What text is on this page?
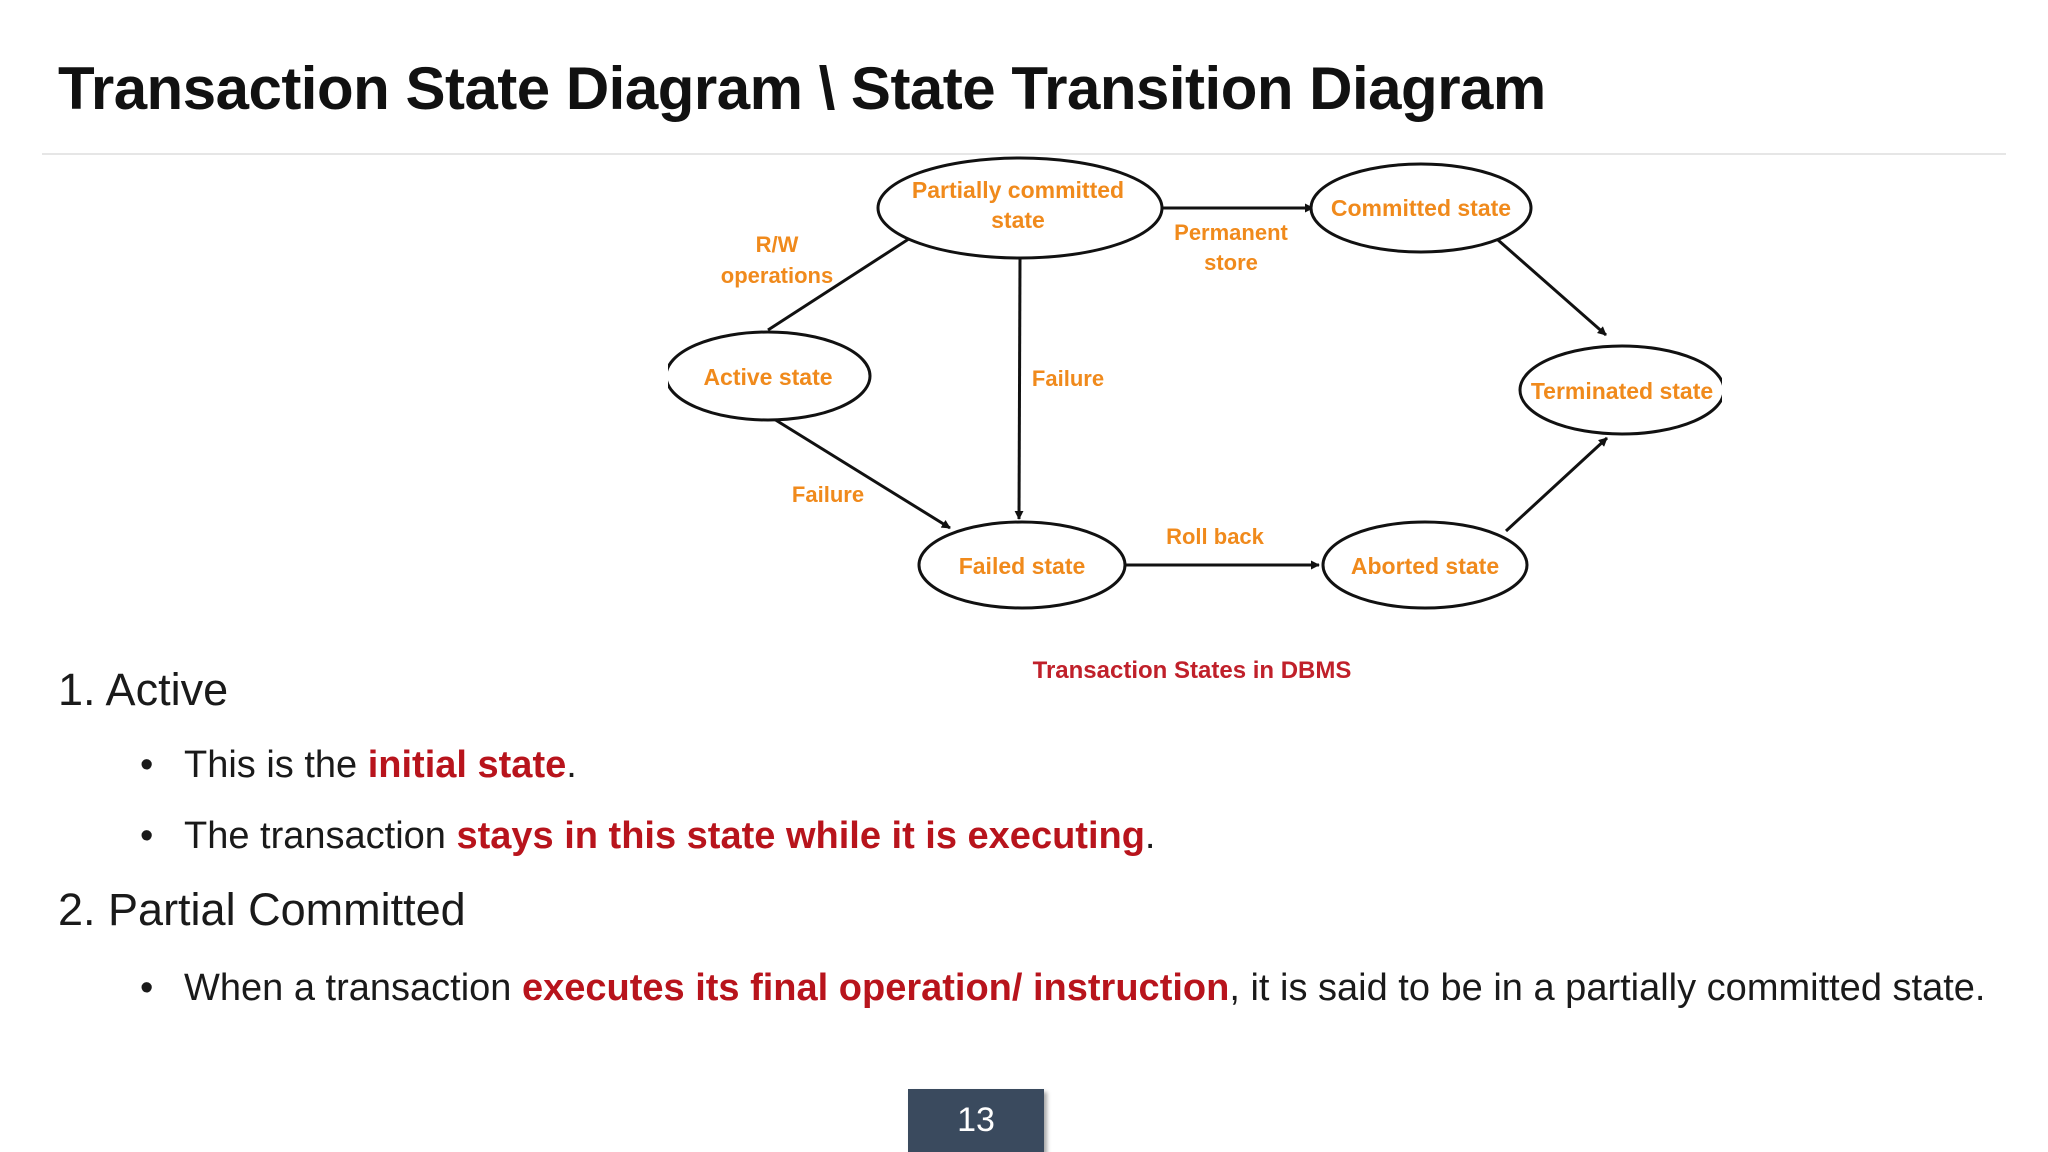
Transaction State Diagram \ State Transition Diagram
Active state
Partially committed
state	Committed state
Terminated state
Failed state	Aborted state
R/W
operations
Permanent
store
Failure
Failure
Roll back
Transaction States in DBMS
1. Active
• This is the initial state.
• The transaction stays in this state while it is executing.
2. Partial Committed
• When a transaction executes its final operation/ instruction, it is said to be in a partially committed state.
13
